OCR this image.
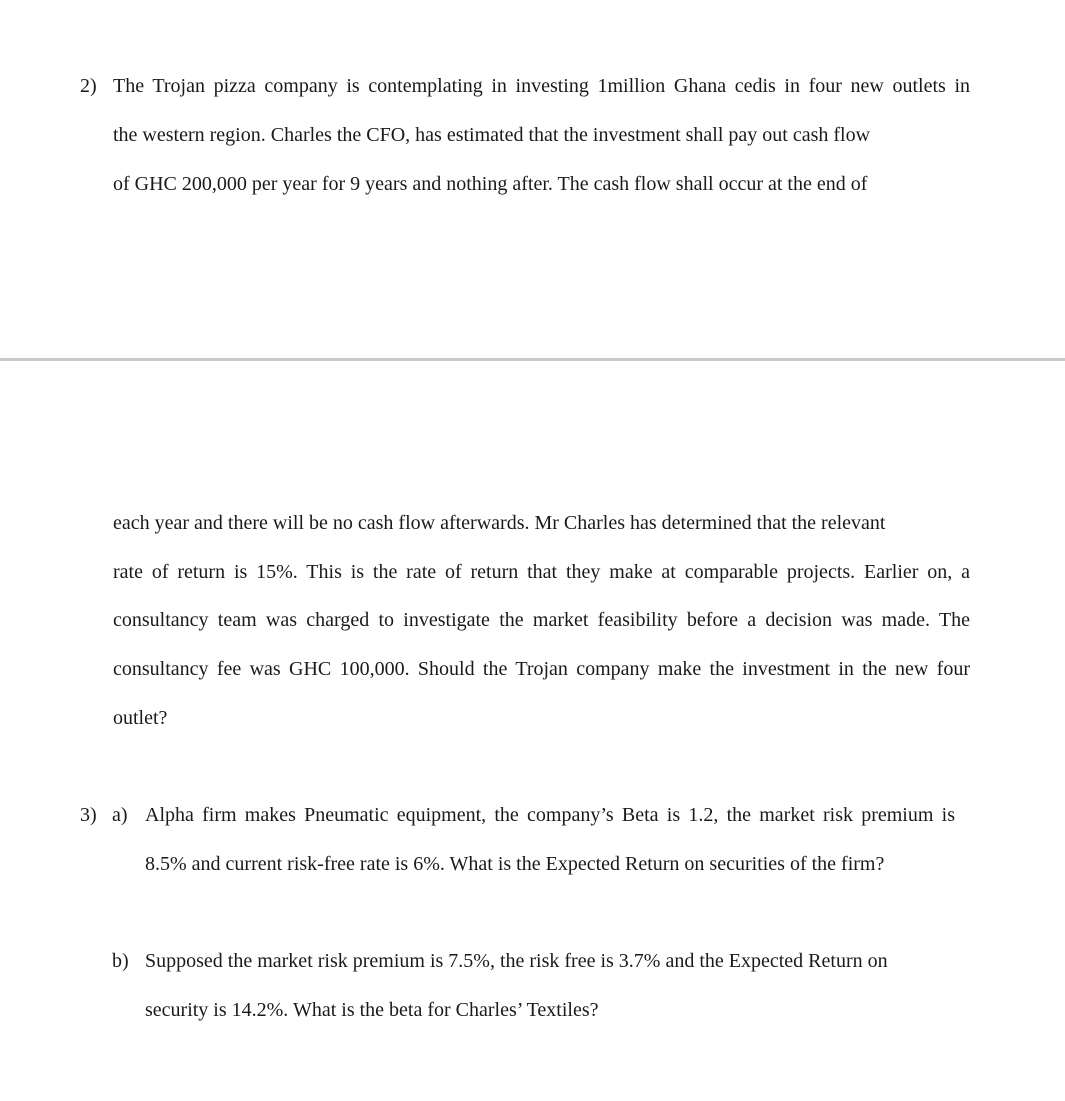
2) The Trojan pizza company is contemplating in investing 1million Ghana cedis in four new outlets in

the western region. Charles the CFO, has estimated that the investment shall pay out cash flow

of GHC 200,000 per year for 9 years and nothing after. The cash flow shall occur at the end of

each year and there will be no cash flow afterwards. Mr Charles has determined that the relevant

rate of return is 15%. This is the rate of return that they make at comparable projects. Earlier on, a

consultancy team was charged to investigate the market feasibility before a decision was made. The

consultancy fee was GHC 100,000. Should the Trojan company make the investment in the new four

outlet?

3) a) Alpha firm makes Pneumatic equipment, the company’s Beta is 1.2, the market risk premium is

8.5% and current risk-free rate is 6%. What is the Expected Return on securities of the firm?

b) Supposed the market risk premium is 7.5%, the risk free is 3.7% and the Expected Return on

security is 14.2%. What is the beta for Charles’ Textiles?
